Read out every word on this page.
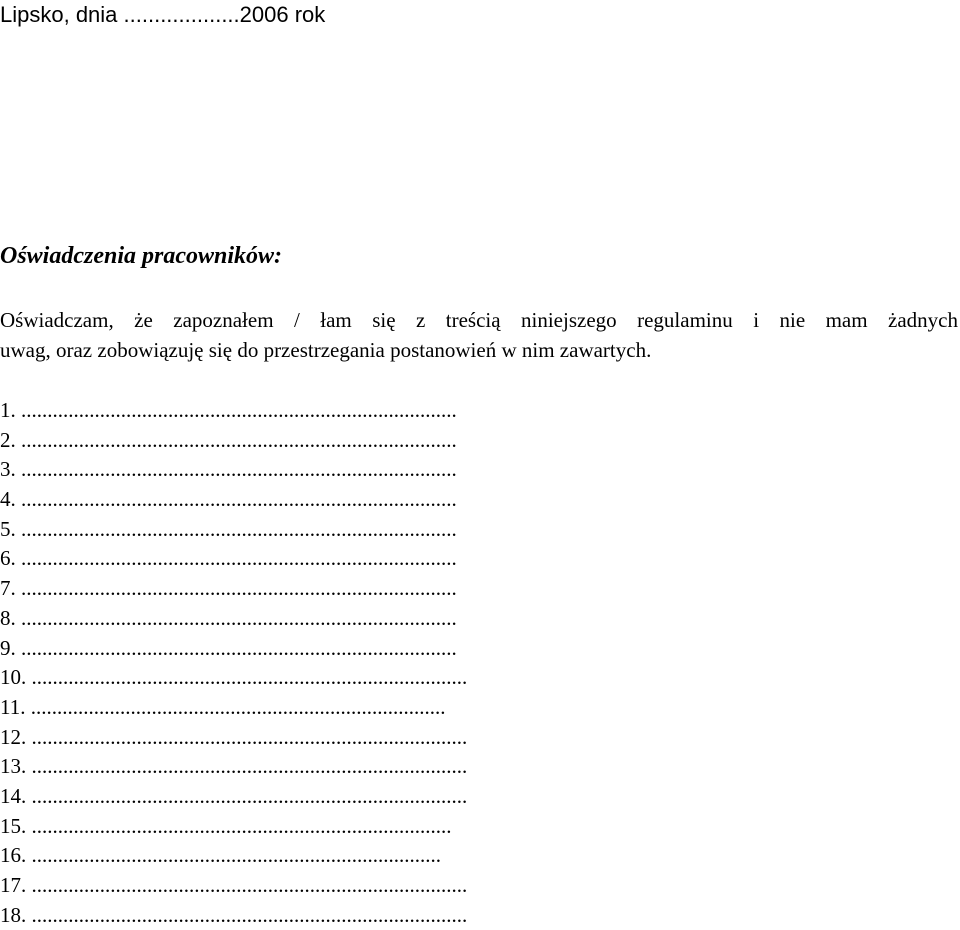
Lipsko, dnia ...................2006 rok
Oświadczenia pracowników:
Oświadczam, że zapoznałem / łam się z treścią niniejszego regulaminu i nie mam żadnych
uwag, oraz zobowiązuję się do przestrzegania postanowień w nim zawartych.
1. ...................................................................................
2. ...................................................................................
3. ...................................................................................
4. ...................................................................................
5. ...................................................................................
6. ...................................................................................
7. ...................................................................................
8. ...................................................................................
9. ...................................................................................
10. ...................................................................................
11. ...............................................................................
12. ...................................................................................
13. ...................................................................................
14. ...................................................................................
15. ................................................................................
16. ..............................................................................
17. ...................................................................................
18. ...................................................................................
